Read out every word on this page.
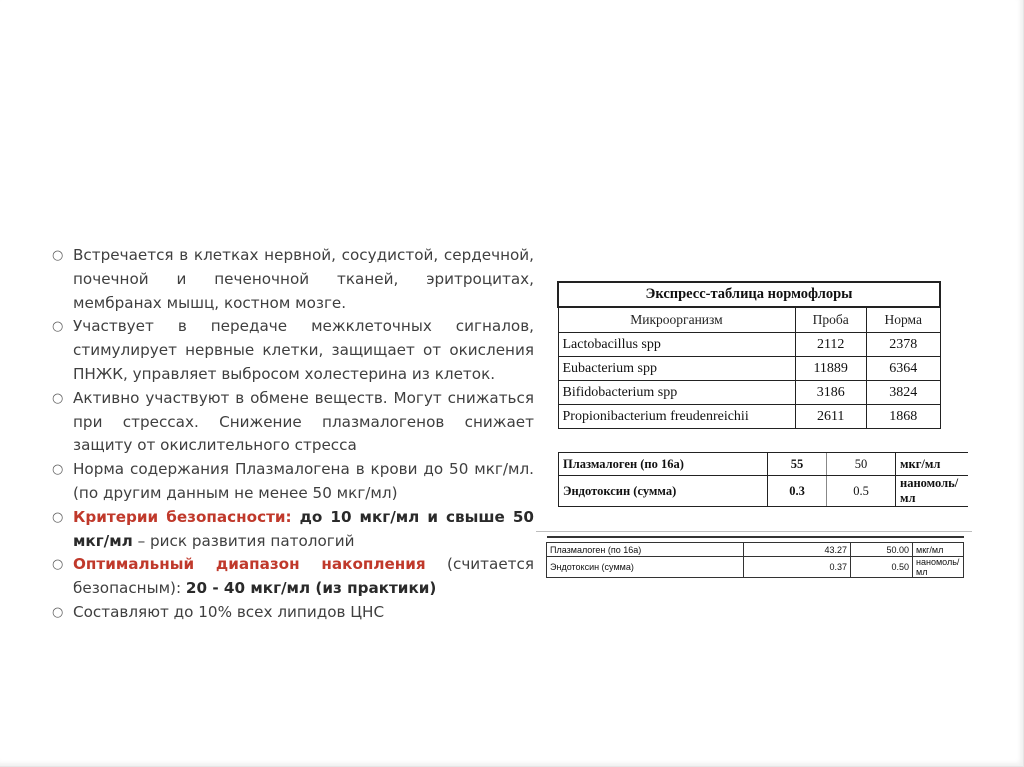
○ Встречается в клетках нервной, сосудистой, сердечной, почечной и печеночной тканей, эритроцитах, мембранах мышц, костном мозге.
○ Участвует в передаче межклеточных сигналов, стимулирует нервные клетки, защищает от окисления ПНЖК, управляет выбросом холестерина из клеток.
○ Активно участвуют в обмене веществ. Могут снижаться при стрессах. Снижение плазмалогенов снижает защиту от окислительного стресса
○ Норма содержания Плазмалогена в крови до 50 мкг/мл. (по другим данным не менее 50 мкг/мл)
○ Критерии безопасности: до 10 мкг/мл и свыше 50 мкг/мл – риск развития патологий
○ Оптимальный диапазон накопления (считается безопасным): 20 - 40 мкг/мл (из практики)
○ Составляют до 10% всех липидов ЦНС
Экспресс-таблица нормофлоры		
Микроорганизм	Проба	Норма
Lactobacillus spp	2112	2378
Eubacterium spp	11889	6364
Bifidobacterium spp	3186	3824
Propionibacterium freudenreichii	2611	1868
Плазмалоген (по 16а)	55	50	мкг/мл
Эндотоксин (сумма)	0.3	0.5	наномоль/мл

Плазмалоген (по 16а)	43.27	50.00	мкг/мл
Эндотоксин (сумма)	0.37	0.50	наномоль/мл
